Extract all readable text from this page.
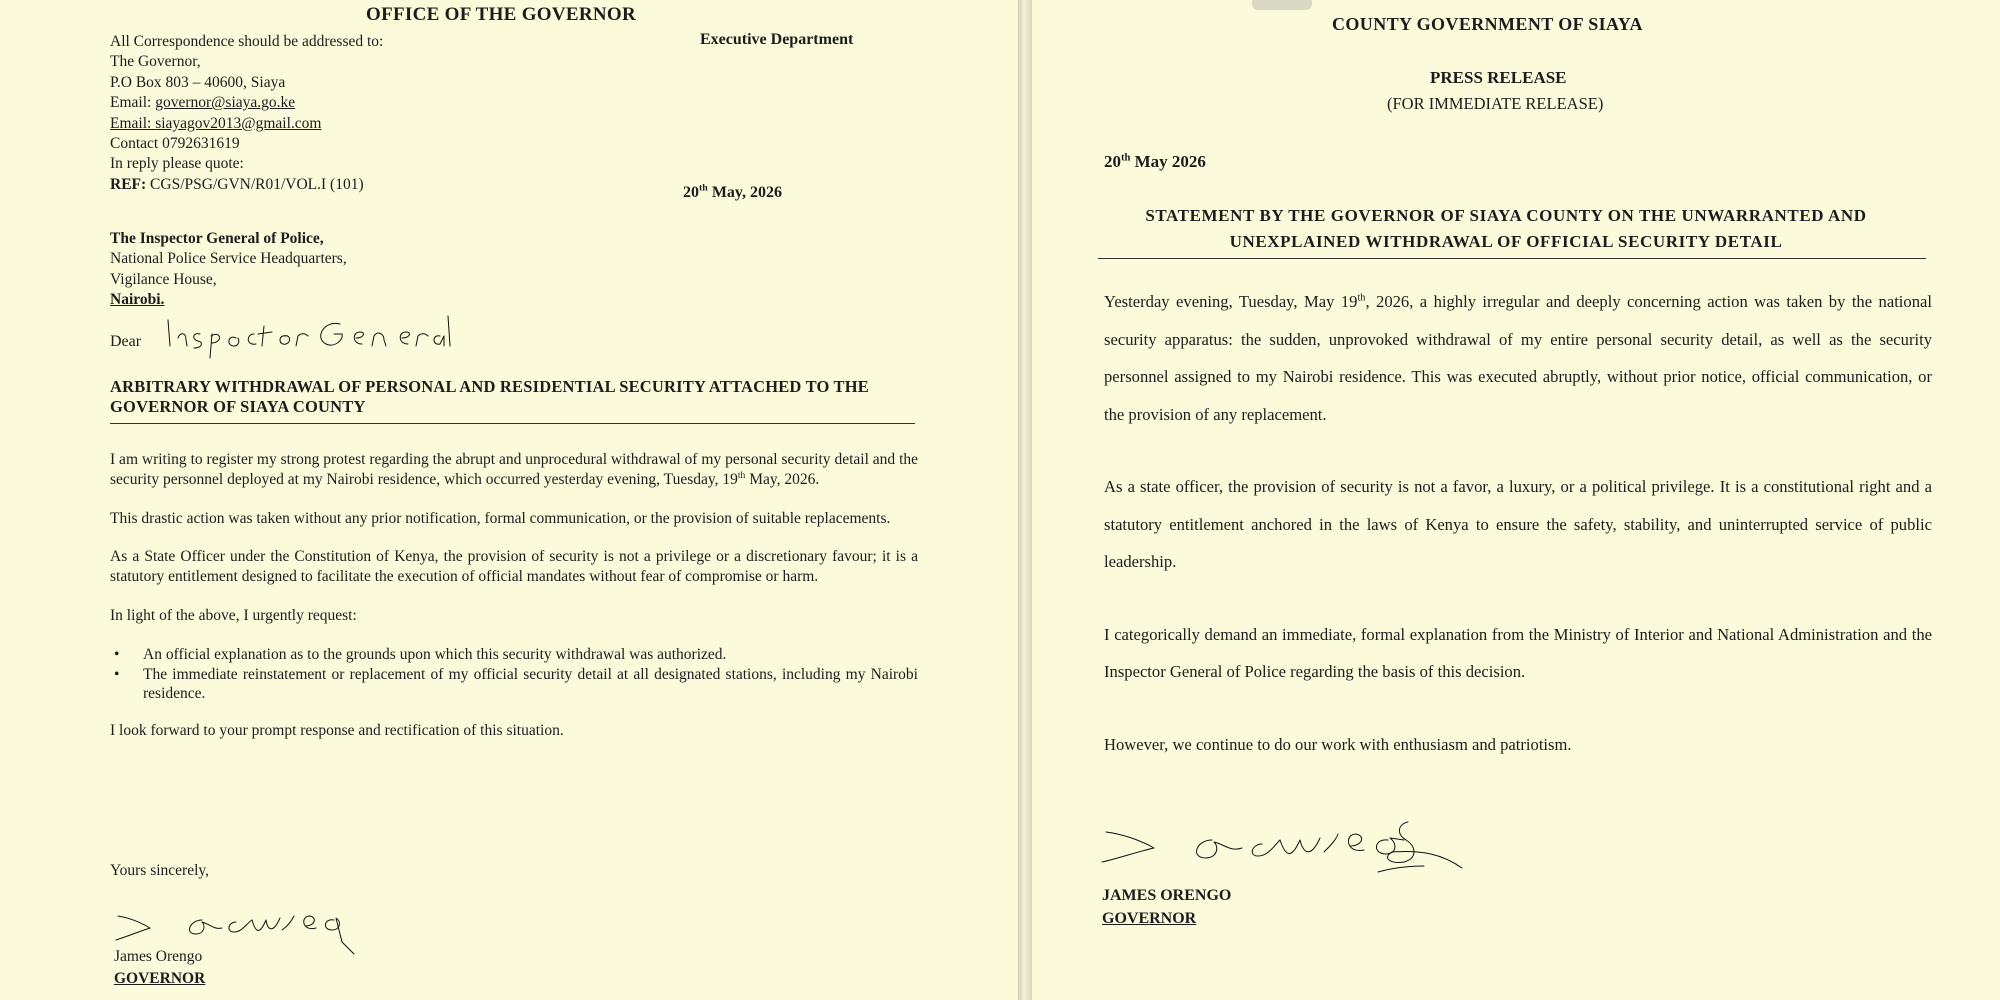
OFFICE OF THE GOVERNOR
All Correspondence should be addressed to:
The Governor,
P.O Box 803 – 40600, Siaya
Email: governor@siaya.go.ke
Email: siayagov2013@gmail.com
Contact 0792631619
In reply please quote:
REF: CGS/PSG/GVN/R01/VOL.I (101)
Executive Department
20th May, 2026
The Inspector General of Police,
National Police Service Headquarters,
Vigilance House,
Nairobi.
Dear
ARBITRARY WITHDRAWAL OF PERSONAL AND RESIDENTIAL SECURITY ATTACHED TO THE GOVERNOR OF SIAYA COUNTY

I am writing to register my strong protest regarding the abrupt and unprocedural withdrawal of my personal security detail and the security personnel deployed at my Nairobi residence, which occurred yesterday evening, Tuesday, 19th May, 2026.

This drastic action was taken without any prior notification, formal communication, or the provision of suitable replacements.

As a State Officer under the Constitution of Kenya, the provision of security is not a privilege or a discretionary favour; it is a statutory entitlement designed to facilitate the execution of official mandates without fear of compromise or harm.

In light of the above, I urgently request:

• An official explanation as to the grounds upon which this security withdrawal was authorized.
• The immediate reinstatement or replacement of my official security detail at all designated stations, including my Nairobi residence.

I look forward to your prompt response and rectification of this situation.

Yours sincerely,
James Orengo
GOVERNOR
COUNTY GOVERNMENT OF SIAYA
PRESS RELEASE
(FOR IMMEDIATE RELEASE)
20th May 2026
STATEMENT BY THE GOVERNOR OF SIAYA COUNTY ON THE UNWARRANTED AND UNEXPLAINED WITHDRAWAL OF OFFICIAL SECURITY DETAIL

Yesterday evening, Tuesday, May 19th, 2026, a highly irregular and deeply concerning action was taken by the national security apparatus: the sudden, unprovoked withdrawal of my entire personal security detail, as well as the security personnel assigned to my Nairobi residence. This was executed abruptly, without prior notice, official communication, or the provision of any replacement.

As a state officer, the provision of security is not a favor, a luxury, or a political privilege. It is a constitutional right and a statutory entitlement anchored in the laws of Kenya to ensure the safety, stability, and uninterrupted service of public leadership.

I categorically demand an immediate, formal explanation from the Ministry of Interior and National Administration and the Inspector General of Police regarding the basis of this decision.

However, we continue to do our work with enthusiasm and patriotism.

JAMES ORENGO
GOVERNOR
